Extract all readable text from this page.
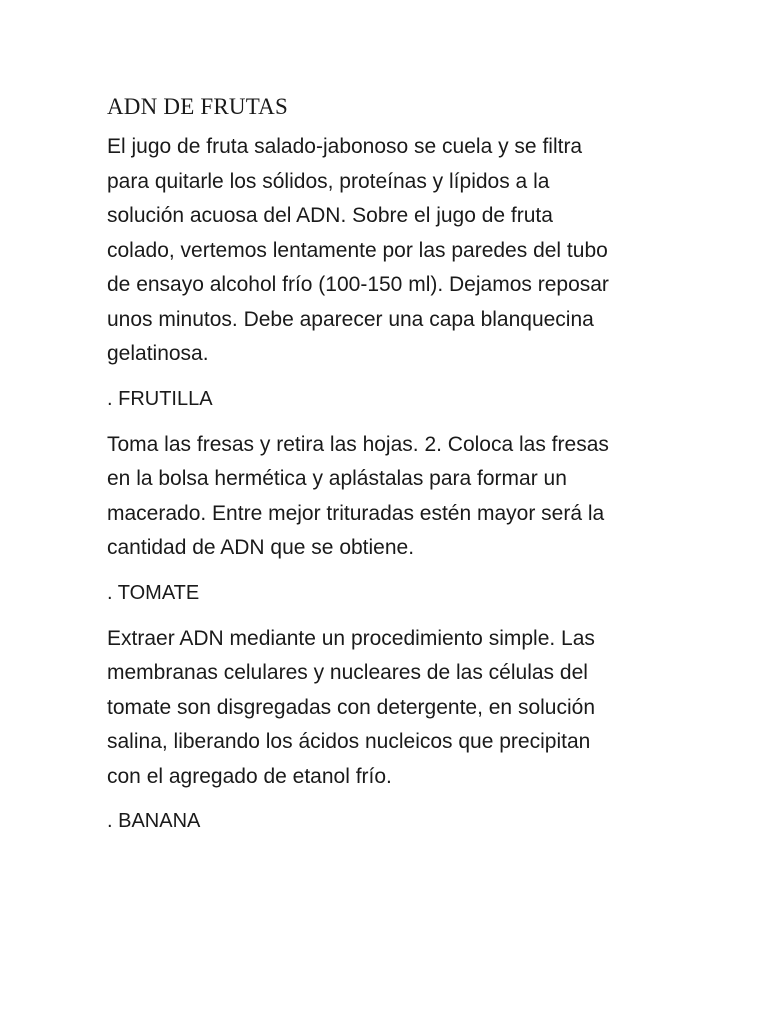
ADN DE FRUTAS

El jugo de fruta salado-jabonoso se cuela y se filtra
para quitarle los sólidos, proteínas y lípidos a la
solución acuosa del ADN. Sobre el jugo de fruta
colado, vertemos lentamente por las paredes del tubo
de ensayo alcohol frío (100-150 ml). Dejamos reposar
unos minutos. Debe aparecer una capa blanquecina
gelatinosa.

. FRUTILLA

Toma las fresas y retira las hojas. 2. Coloca las fresas
en la bolsa hermética y aplástalas para formar un
macerado. Entre mejor trituradas estén mayor será la
cantidad de ADN que se obtiene.

. TOMATE

Extraer ADN mediante un procedimiento simple. Las
membranas celulares y nucleares de las células del
tomate son disgregadas con detergente, en solución
salina, liberando los ácidos nucleicos que precipitan
con el agregado de etanol frío.

. BANANA
